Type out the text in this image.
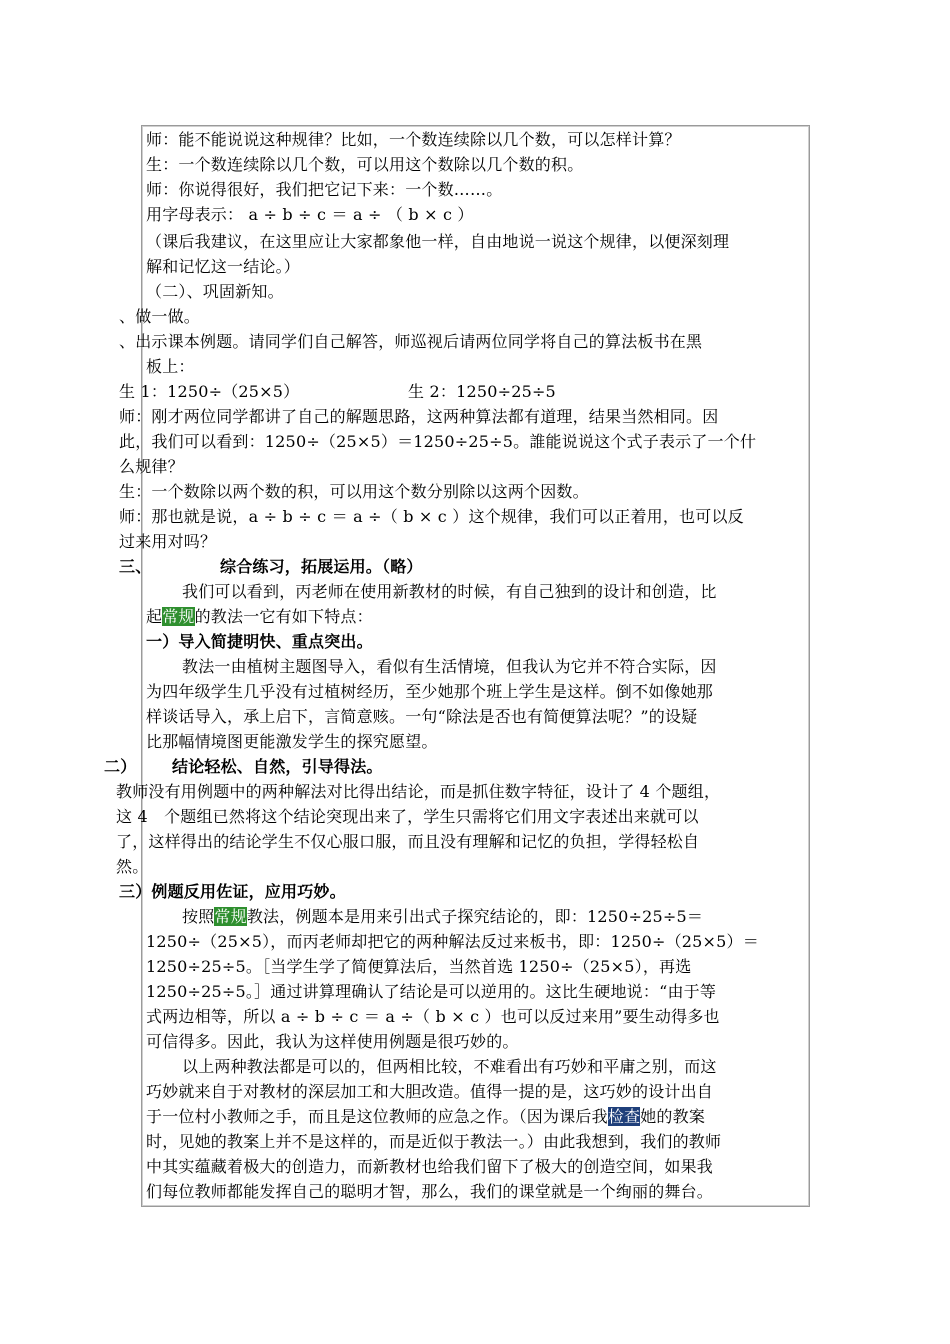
师：能不能说说这种规律？比如，一个数连续除以几个数，可以怎样计算？
生：一个数连续除以几个数，可以用这个数除以几个数的积。
师：你说得很好，我们把它记下来：一个数……。
用字母表示： a ÷ b ÷ c ＝ a ÷ （ b × c ）
（课后我建议，在这里应让大家都象他一样，自由地说一说这个规律，以便深刻理
解和记忆这一结论。）
（二）、巩固新知。
、做一做。
、出示课本例题。请同学们自己解答，师巡视后请两位同学将自己的算法板书在黑
板上：
生 1：1250÷（25×5）	生 2：1250÷25÷5
师：刚才两位同学都讲了自己的解题思路，这两种算法都有道理，结果当然相同。因
此，我们可以看到：1250÷（25×5）＝1250÷25÷5。誰能说说这个式子表示了一个什
么规律？
生：一个数除以两个数的积，可以用这个数分别除以这两个因数。
师：那也就是说，a ÷ b ÷ c ＝ a ÷（ b × c ）这个规律，我们可以正着用，也可以反
过来用对吗？
三、	综合练习，拓展运用。（略）
我们可以看到，丙老师在使用新教材的时候，有自己独到的设计和创造，比
起常规的教法一它有如下特点：
一）导入简捷明快、重点突出。
教法一由植树主题图导入，看似有生活情境，但我认为它并不符合实际，因
为四年级学生几乎没有过植树经历，至少她那个班上学生是这样。倒不如像她那
样谈话导入，承上启下，言简意赅。一句“除法是否也有简便算法呢？”的设疑
比那幅情境图更能激发学生的探究愿望。
二） 结论轻松、自然，引导得法。
教师没有用例题中的两种解法对比得出结论，而是抓住数字特征，设计了 4 个题组，
这 4　个题组已然将这个结论突现出来了，学生只需将它们用文字表述出来就可以
了，这样得出的结论学生不仅心服口服，而且没有理解和记忆的负担，学得轻松自
然。
三）例题反用佐证，应用巧妙。
按照常规教法，例题本是用来引出式子探究结论的，即：1250÷25÷5＝
1250÷（25×5），而丙老师却把它的两种解法反过来板书，即：1250÷（25×5）＝
1250÷25÷5。［当学生学了简便算法后，当然首选 1250÷（25×5），再选
1250÷25÷5。］通过讲算理确认了结论是可以逆用的。这比生硬地说：“由于等
式两边相等，所以 a ÷ b ÷ c ＝ a ÷（ b × c ）也可以反过来用”要生动得多也
可信得多。因此，我认为这样使用例题是很巧妙的。
以上两种教法都是可以的，但两相比较，不难看出有巧妙和平庸之别，而这
巧妙就来自于对教材的深层加工和大胆改造。值得一提的是，这巧妙的设计出自
于一位村小教师之手，而且是这位教师的应急之作。（因为课后我检查她的教案
时，见她的教案上并不是这样的，而是近似于教法一。）由此我想到，我们的教师
中其实蕴藏着极大的创造力，而新教材也给我们留下了极大的创造空间，如果我
们每位教师都能发挥自己的聪明才智，那么，我们的课堂就是一个绚丽的舞台。
